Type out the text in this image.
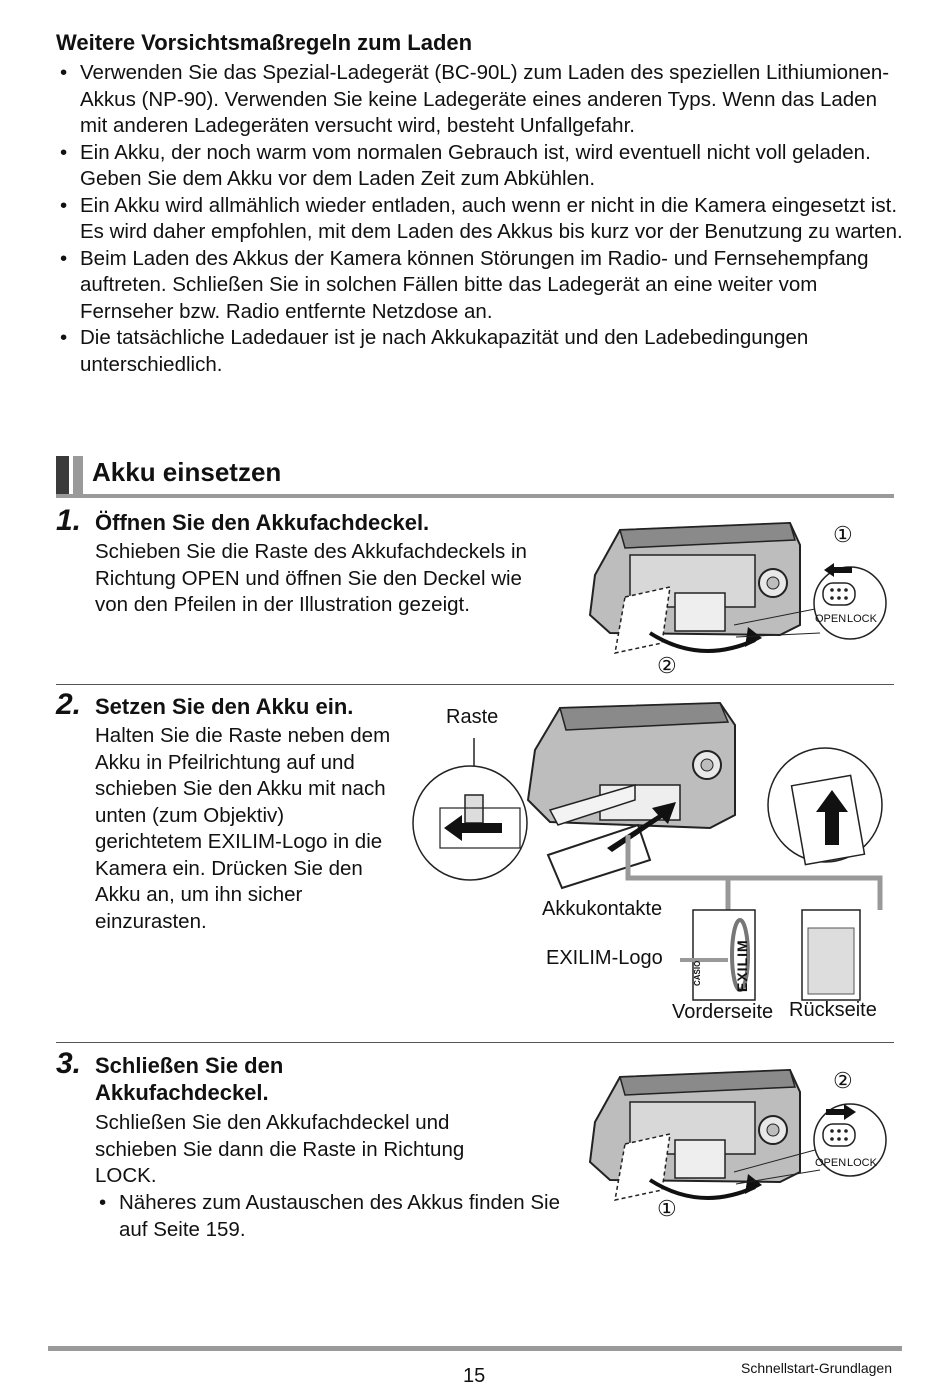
Weitere Vorsichtsmaßregeln zum Laden
• Verwenden Sie das Spezial-Ladegerät (BC-90L) zum Laden des speziellen Lithiumionen-Akkus (NP-90). Verwenden Sie keine Ladegeräte eines anderen Typs. Wenn das Laden mit anderen Ladegeräten versucht wird, besteht Unfallgefahr.
• Ein Akku, der noch warm vom normalen Gebrauch ist, wird eventuell nicht voll geladen. Geben Sie dem Akku vor dem Laden Zeit zum Abkühlen.
• Ein Akku wird allmählich wieder entladen, auch wenn er nicht in die Kamera eingesetzt ist. Es wird daher empfohlen, mit dem Laden des Akkus bis kurz vor der Benutzung zu warten.
• Beim Laden des Akkus der Kamera können Störungen im Radio- und Fernsehempfang auftreten. Schließen Sie in solchen Fällen bitte das Ladegerät an eine weiter vom Fernseher bzw. Radio entfernte Netzdose an.
• Die tatsächliche Ladedauer ist je nach Akkukapazität und den Ladebedingungen unterschiedlich.
Akku einsetzen
1. Öffnen Sie den Akkufachdeckel.
Schieben Sie die Raste des Akkufachdeckels in Richtung OPEN und öffnen Sie den Deckel wie von den Pfeilen in der Illustration gezeigt.
①
②
OPEN LOCK
2. Setzen Sie den Akku ein.
Halten Sie die Raste neben dem Akku in Pfeilrichtung auf und schieben Sie den Akku mit nach unten (zum Objektiv) gerichtetem EXILIM-Logo in die Kamera ein. Drücken Sie den Akku an, um ihn sicher einzurasten.
Raste
Akkukontakte
EXILIM-Logo
Vorderseite Rückseite
CASIO EXILIM
3. Schließen Sie den
Akkufachdeckel.
Schließen Sie den Akkufachdeckel und schieben Sie dann die Raste in Richtung LOCK.
Näheres zum Austauschen des Akkus finden Sie auf Seite 159.
•
②
①
OPEN LOCK
15	Schnellstart-Grundlagen
